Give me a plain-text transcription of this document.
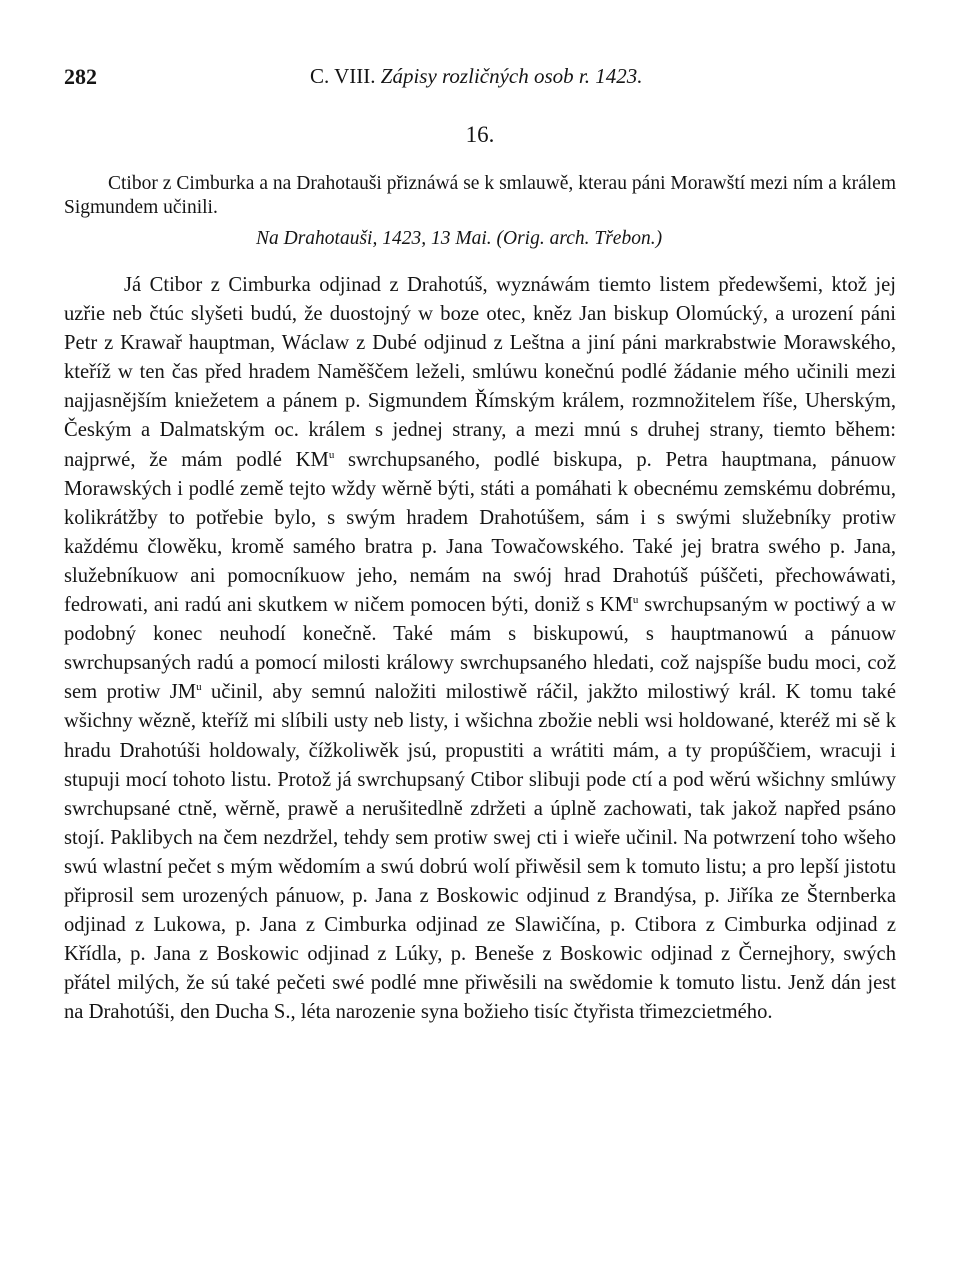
282	C. VIII. Zápisy rozličných osob r. 1423.
16.
Ctibor z Cimburka a na Drahotauši přiznáwá se k smlauwě, kterau páni Morawští mezi ním a králem Sigmundem učinili.
Na Drahotauši, 1423, 13 Mai. (Orig. arch. Třebon.)

Já Ctibor z Cimburka odjinad z Drahotúš, wyznáwám tiemto listem předewšemi, ktož jej uzřie neb čtúc slyšeti budú, že duostojný w boze otec, kněz Jan biskup Olomúcký, a urození páni Petr z Krawař hauptman, Wáclaw z Dubé odjinud z Leštna a jiní páni markrabstwie Morawského, kteříž w ten čas před hradem Naměščem leželi, smlúwu konečnú podlé žádanie mého učinili mezi najjasnějším kniežetem a pánem p. Sigmundem Římským králem, rozmnožitelem říše, Uherským, Českým a Dalmatským oc. králem s jednej strany, a mezi mnú s druhej strany, tiemto během: najprwé, že mám podlé $KM^u$ swrchupsaného, podlé biskupa, p. Petra hauptmana, pánuow Morawských i podlé země tejto wždy wěrně býti, státi a pomáhati k obecnému zemskému dobrému, kolikrátžby to potřebie bylo, s swým hradem Drahotúšem, sám i s swými služebníky protiw každému člowěku, kromě samého bratra p. Jana Towačowského. Také jej bratra swého p. Jana, služebníkuow ani pomocníkuow jeho, nemám na swój hrad Drahotúš púščeti, přechowáwati, fedrowati, ani radú ani skutkem w ničem pomocen býti, doniž s $KM^u$ swrchupsaným w poctiwý a w podobný konec neuhodí konečně. Také mám s biskupowú, s hauptmanowú a pánuow swrchupsaných radú a pomocí milosti králowy swrchupsaného hledati, což najspíše budu moci, což sem protiw $JM^u$ učinil, aby semnú naložiti milostiwě ráčil, jakžto milostiwý král. K tomu také wšichny wězně, kteříž mi slíbili usty neb listy, i wšichna zbožie nebli wsi holdowané, kteréž mi sě k hradu Drahotúši holdowaly, čížkoliwěk jsú, propustiti a wrátiti mám, a ty propúščiem, wracuji i stupuji mocí tohoto listu. Protož já swrchupsaný Ctibor slibuji pode ctí a pod wěrú wšichny smlúwy swrchupsané ctně, wěrně, prawě a nerušitedlně zdržeti a úplně zachowati, tak jakož napřed psáno stojí. Paklibych na čem nezdržel, tehdy sem protiw swej cti i wieře učinil. Na potwrzení toho wšeho swú wlastní pečet s mým wědomím a swú dobrú wolí přiwěsil sem k tomuto listu; a pro lepší jistotu připrosil sem urozených pánuow, p. Jana z Boskowic odjinud z Brandýsa, p. Jiříka ze Šternberka odjinad z Lukowa, p. Jana z Cimburka odjinad ze Slawičína, p. Ctibora z Cimburka odjinad z Křídla, p. Jana z Boskowic odjinad z Lúky, p. Beneše z Boskowic odjinad z Černejhory, swých přátel milých, že sú také pečeti swé podlé mne přiwěsili na swědomie k tomuto listu. Jenž dán jest na Drahotúši, den Ducha S., léta narozenie syna božieho tisíc čtyřista třimezcietmého.
